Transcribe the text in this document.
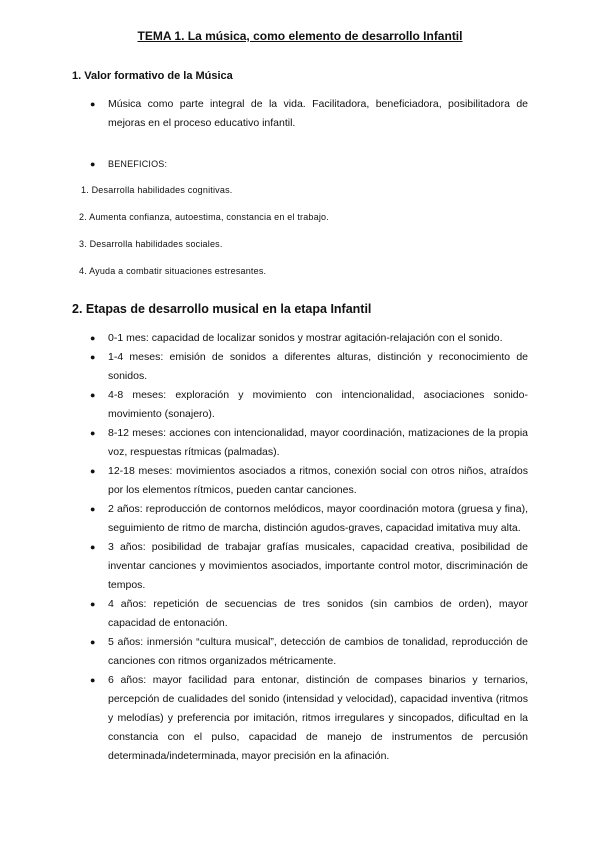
TEMA 1. La música, como elemento de desarrollo Infantil
1. Valor formativo de la Música
●	Música como parte integral de la vida. Facilitadora, beneficiadora, posibilitadora de mejoras en el proceso educativo infantil.
● BENEFICIOS:
1. Desarrolla habilidades cognitivas.
2. Aumenta confianza, autoestima, constancia en el trabajo.
3. Desarrolla habilidades sociales.
4. Ayuda a combatir situaciones estresantes.
2. Etapas de desarrollo musical en la etapa Infantil
●	0-1 mes: capacidad de localizar sonidos y mostrar agitación-relajación con el sonido.
●	1-4 meses: emisión de sonidos a diferentes alturas, distinción y reconocimiento de sonidos.
●	4-8 meses: exploración y movimiento con intencionalidad, asociaciones sonido-movimiento (sonajero).
●	8-12 meses: acciones con intencionalidad, mayor coordinación, matizaciones de la propia voz, respuestas rítmicas (palmadas).
●	12-18 meses: movimientos asociados a ritmos, conexión social con otros niños, atraídos por los elementos rítmicos, pueden cantar canciones.
●	2 años: reproducción de contornos melódicos, mayor coordinación motora (gruesa y fina), seguimiento de ritmo de marcha, distinción agudos-graves, capacidad imitativa muy alta.
●	3 años: posibilidad de trabajar grafías musicales, capacidad creativa, posibilidad de inventar canciones y movimientos asociados, importante control motor, discriminación de tempos.
●	4 años: repetición de secuencias de tres sonidos (sin cambios de orden), mayor capacidad de entonación.
●	5 años: inmersión “cultura musical”, detección de cambios de tonalidad, reproducción de canciones con ritmos organizados métricamente.
●	6 años: mayor facilidad para entonar, distinción de compases binarios y ternarios, percepción de cualidades del sonido (intensidad y velocidad), capacidad inventiva (ritmos y melodías) y preferencia por imitación, ritmos irregulares y sincopados, dificultad en la constancia con el pulso, capacidad de manejo de instrumentos de percusión determinada/indeterminada, mayor precisión en la afinación.
